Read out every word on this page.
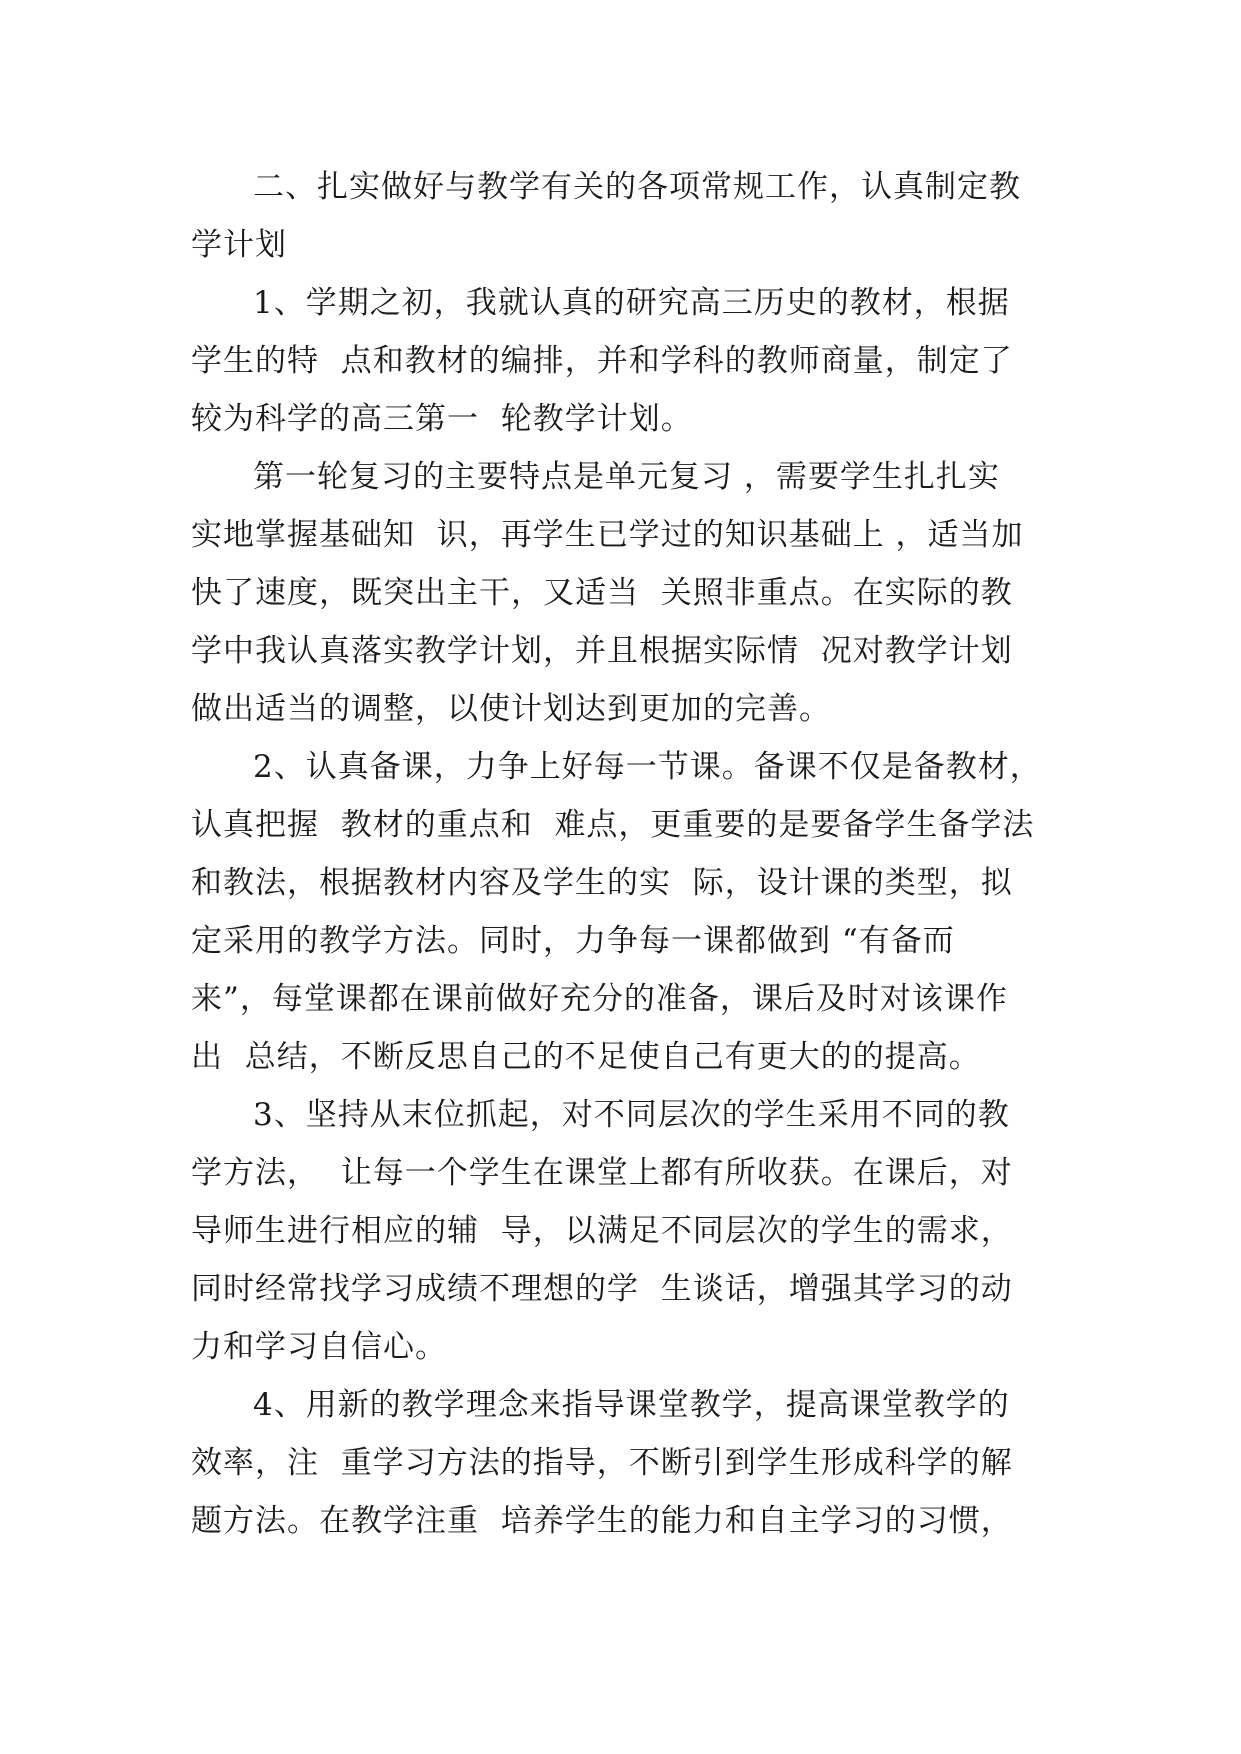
二、扎实做好与教学有关的各项常规工作，认真制定教
学计划
1、学期之初，我就认真的研究高三历史的教材，根据
学生的特  点和教材的编排，并和学科的教师商量，制定了
较为科学的高三第一  轮教学计划。
第一轮复习的主要特点是单元复习 ，需要学生扎扎实
实地掌握基础知  识，再学生已学过的知识基础上 ，适当加
快了速度，既突出主干，又适当  关照非重点。在实际的教
学中我认真落实教学计划，并且根据实际情  况对教学计划
做出适当的调整，以使计划达到更加的完善。
2、认真备课，力争上好每一节课。备课不仅是备教材，
认真把握  教材的重点和  难点，更重要的是要备学生备学法
和教法，根据教材内容及学生的实  际，设计课的类型，拟
定采用的教学方法。同时，力争每一课都做到 “有备而
来”，每堂课都在课前做好充分的准备，课后及时对该课作
出  总结，不断反思自己的不足使自己有更大的的提高。
3、坚持从末位抓起，对不同层次的学生采用不同的教
学方法，  让每一个学生在课堂上都有所收获。在课后，对
导师生进行相应的辅  导，以满足不同层次的学生的需求，
同时经常找学习成绩不理想的学  生谈话，增强其学习的动
力和学习自信心。
4、用新的教学理念来指导课堂教学，提高课堂教学的
效率，注  重学习方法的指导，不断引到学生形成科学的解
题方法。在教学注重  培养学生的能力和自主学习的习惯，
